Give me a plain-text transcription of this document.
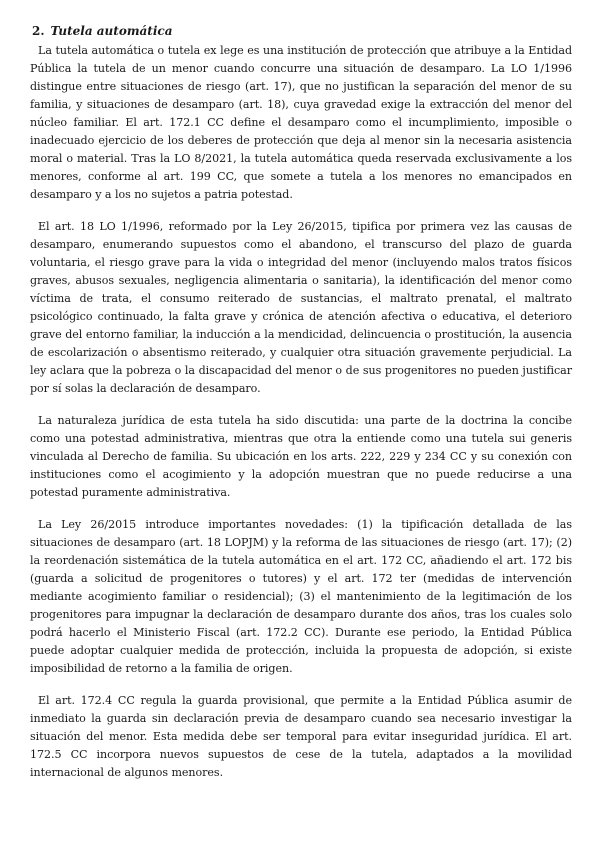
2. Tutela automática

La tutela automática o tutela ex lege es una institución de protección que atribuye a la Entidad Pública la tutela de un menor cuando concurre una situación de desamparo. La LO 1/1996 distingue entre situaciones de riesgo (art. 17), que no justifican la separación del menor de su familia, y situaciones de desamparo (art. 18), cuya gravedad exige la extracción del menor del núcleo familiar. El art. 172.1 CC define el desamparo como el incumplimiento, imposible o inadecuado ejercicio de los deberes de protección que deja al menor sin la necesaria asistencia moral o material. Tras la LO 8/2021, la tutela automática queda reservada exclusivamente a los menores, conforme al art. 199 CC, que somete a tutela a los menores no emancipados en desamparo y a los no sujetos a patria potestad.

El art. 18 LO 1/1996, reformado por la Ley 26/2015, tipifica por primera vez las causas de desamparo, enumerando supuestos como el abandono, el transcurso del plazo de guarda voluntaria, el riesgo grave para la vida o integridad del menor (incluyendo malos tratos físicos graves, abusos sexuales, negligencia alimentaria o sanitaria), la identificación del menor como víctima de trata, el consumo reiterado de sustancias, el maltrato prenatal, el maltrato psicológico continuado, la falta grave y crónica de atención afectiva o educativa, el deterioro grave del entorno familiar, la inducción a la mendicidad, delincuencia o prostitución, la ausencia de escolarización o absentismo reiterado, y cualquier otra situación gravemente perjudicial. La ley aclara que la pobreza o la discapacidad del menor o de sus progenitores no pueden justificar por sí solas la declaración de desamparo.

La naturaleza jurídica de esta tutela ha sido discutida: una parte de la doctrina la concibe como una potestad administrativa, mientras que otra la entiende como una tutela sui generis vinculada al Derecho de familia. Su ubicación en los arts. 222, 229 y 234 CC y su conexión con instituciones como el acogimiento y la adopción muestran que no puede reducirse a una potestad puramente administrativa.

La Ley 26/2015 introduce importantes novedades: (1) la tipificación detallada de las situaciones de desamparo (art. 18 LOPJM) y la reforma de las situaciones de riesgo (art. 17); (2) la reordenación sistemática de la tutela automática en el art. 172 CC, añadiendo el art. 172 bis (guarda a solicitud de progenitores o tutores) y el art. 172 ter (medidas de intervención mediante acogimiento familiar o residencial); (3) el mantenimiento de la legitimación de los progenitores para impugnar la declaración de desamparo durante dos años, tras los cuales solo podrá hacerlo el Ministerio Fiscal (art. 172.2 CC). Durante ese periodo, la Entidad Pública puede adoptar cualquier medida de protección, incluida la propuesta de adopción, si existe imposibilidad de retorno a la familia de origen.

El art. 172.4 CC regula la guarda provisional, que permite a la Entidad Pública asumir de inmediato la guarda sin declaración previa de desamparo cuando sea necesario investigar la situación del menor. Esta medida debe ser temporal para evitar inseguridad jurídica. El art. 172.5 CC incorpora nuevos supuestos de cese de la tutela, adaptados a la movilidad internacional de algunos menores.
